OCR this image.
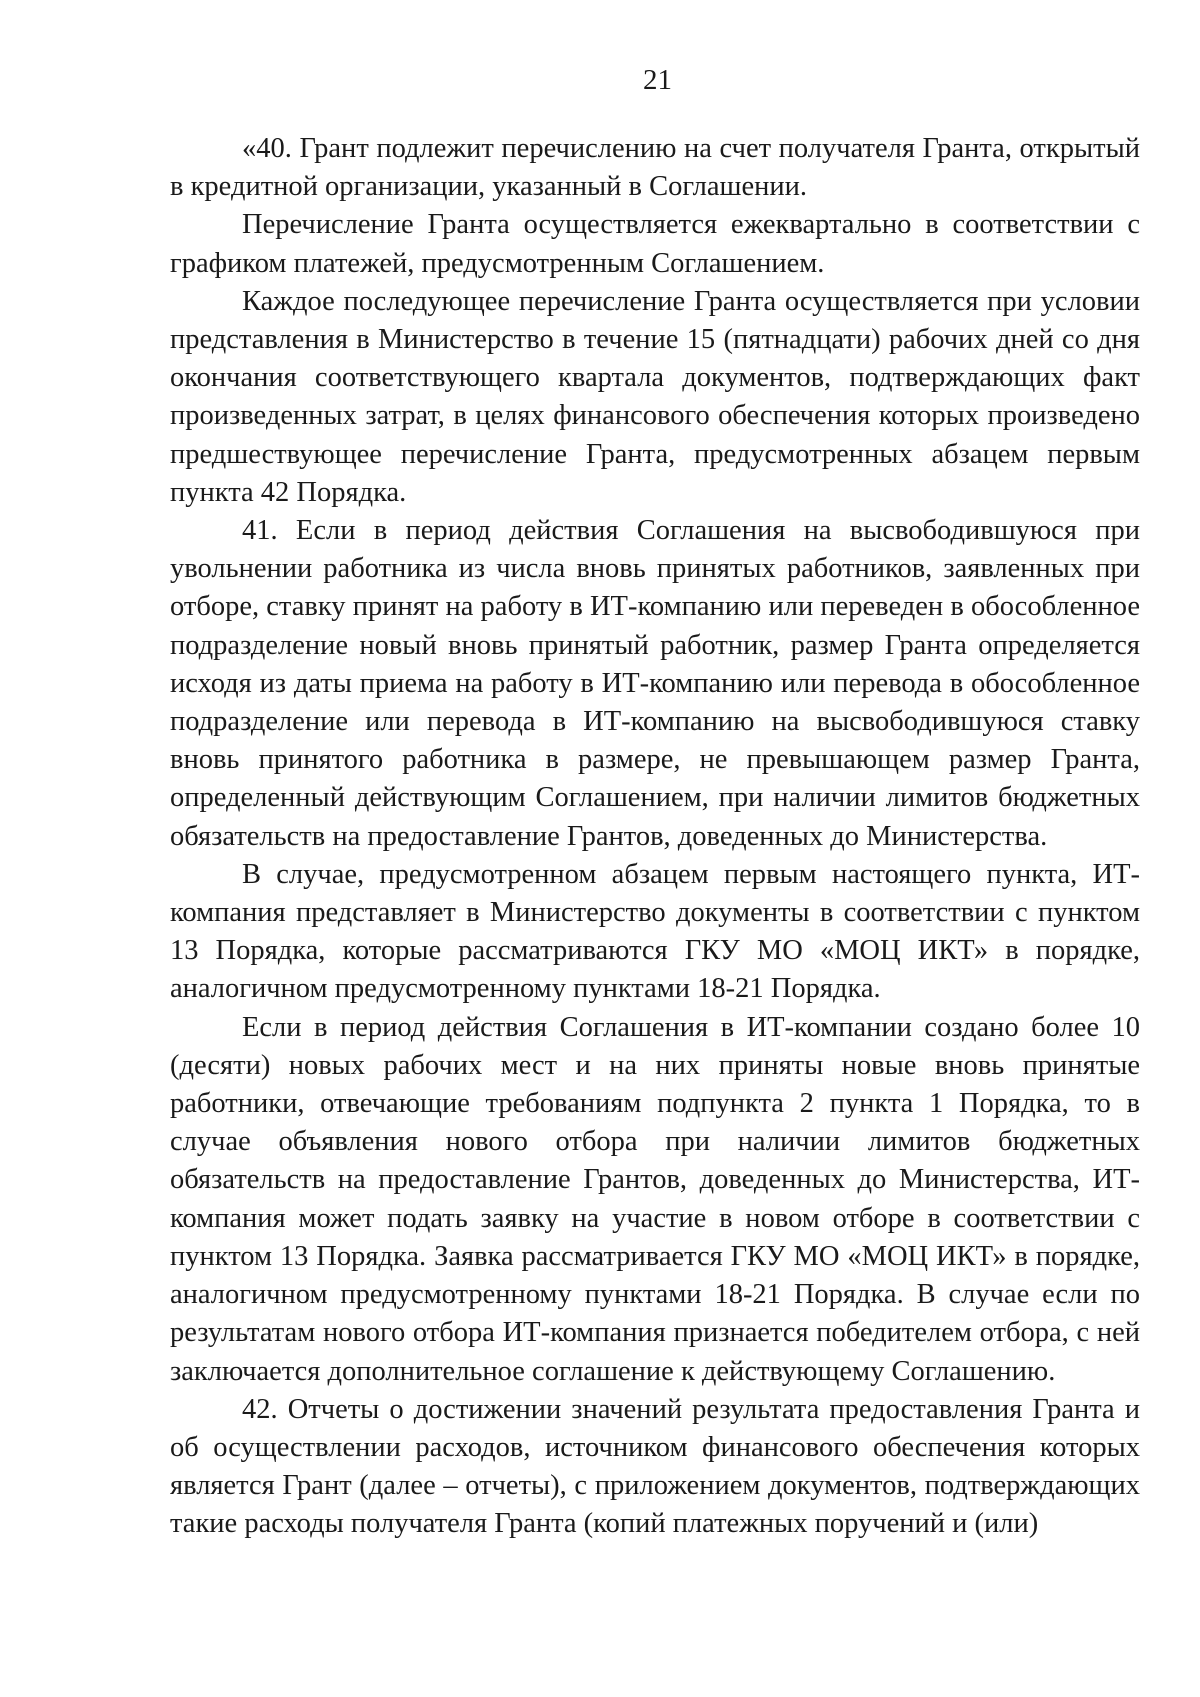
21

«40. Грант подлежит перечислению на счет получателя Гранта, открытый в кредитной организации, указанный в Соглашении.

Перечисление Гранта осуществляется ежеквартально в соответствии с графиком платежей, предусмотренным Соглашением.

Каждое последующее перечисление Гранта осуществляется при условии представления в Министерство в течение 15 (пятнадцати) рабочих дней со дня окончания соответствующего квартала документов, подтверждающих факт произведенных затрат, в целях финансового обеспечения которых произведено предшествующее перечисление Гранта, предусмотренных абзацем первым пункта 42 Порядка.

41. Если в период действия Соглашения на высвободившуюся при увольнении работника из числа вновь принятых работников, заявленных при отборе, ставку принят на работу в ИТ-компанию или переведен в обособленное подразделение новый вновь принятый работник, размер Гранта определяется исходя из даты приема на работу в ИТ-компанию или перевода в обособленное подразделение или перевода в ИТ-компанию на высвободившуюся ставку вновь принятого работника в размере, не превышающем размер Гранта, определенный действующим Соглашением, при наличии лимитов бюджетных обязательств на предоставление Грантов, доведенных до Министерства.

В случае, предусмотренном абзацем первым настоящего пункта, ИТ-компания представляет в Министерство документы в соответствии с пунктом 13 Порядка, которые рассматриваются ГКУ МО «МОЦ ИКТ» в порядке, аналогичном предусмотренному пунктами 18-21 Порядка.

Если в период действия Соглашения в ИТ-компании создано более 10 (десяти) новых рабочих мест и на них приняты новые вновь принятые работники, отвечающие требованиям подпункта 2 пункта 1 Порядка, то в случае объявления нового отбора при наличии лимитов бюджетных обязательств на предоставление Грантов, доведенных до Министерства, ИТ-компания может подать заявку на участие в новом отборе в соответствии с пунктом 13 Порядка. Заявка рассматривается ГКУ МО «МОЦ ИКТ» в порядке, аналогичном предусмотренному пунктами 18-21 Порядка. В случае если по результатам нового отбора ИТ-компания признается победителем отбора, с ней заключается дополнительное соглашение к действующему Соглашению.

42. Отчеты о достижении значений результата предоставления Гранта и об осуществлении расходов, источником финансового обеспечения которых является Грант (далее – отчеты), с приложением документов, подтверждающих такие расходы получателя Гранта (копий платежных поручений и (или)
